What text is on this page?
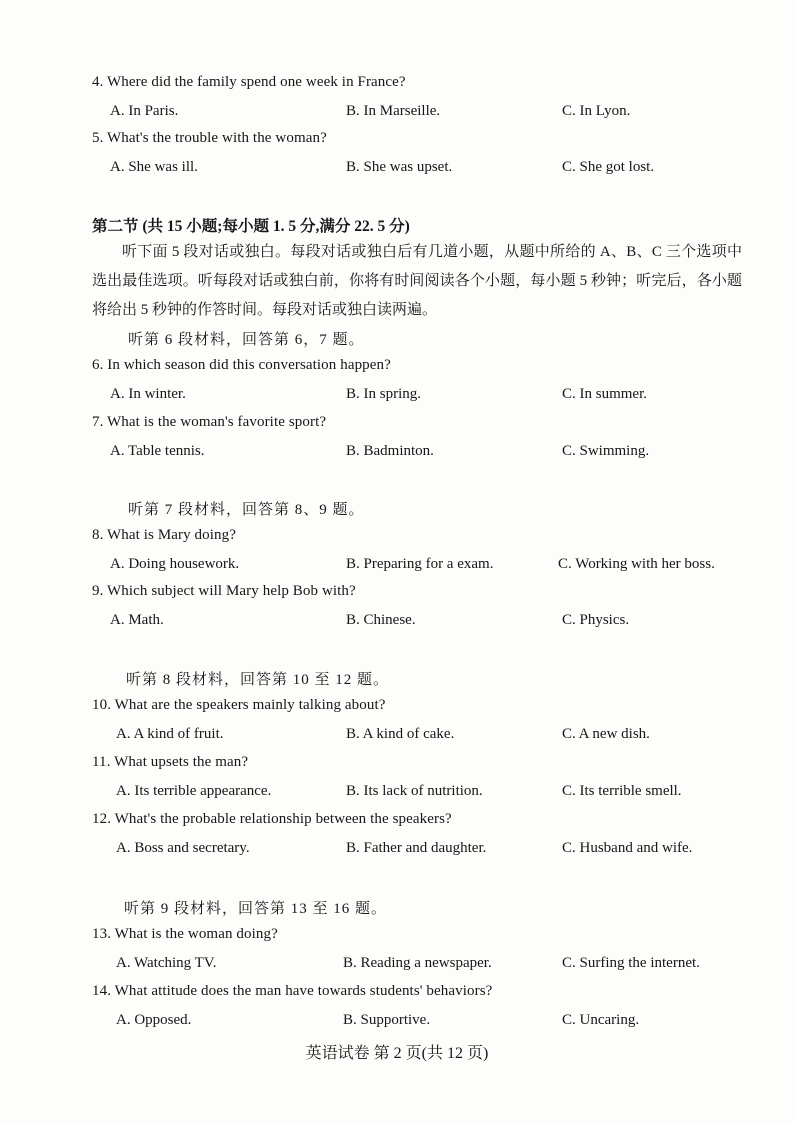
4. Where did the family spend one week in France?
A. In Paris.	B. In Marseille.	C. In Lyon.
5. What's the trouble with the woman?
A. She was ill.	B. She was upset.	C. She got lost.
第二节 (共 15 小题;每小题 1. 5 分,满分 22. 5 分)
听下面 5 段对话或独白。每段对话或独白后有几道小题，从题中所给的 A、B、C 三个选项中选出最佳选项。听每段对话或独白前，你将有时间阅读各个小题，每小题 5 秒钟；听完后，各小题将给出 5 秒钟的作答时间。每段对话或独白读两遍。
听第 6 段材料，回答第 6，7 题。
6. In which season did this conversation happen?
A. In winter.	B. In spring.	C. In summer.
7. What is the woman's favorite sport?
A. Table tennis.	B. Badminton.	C. Swimming.
听第 7 段材料，回答第 8、9 题。
8. What is Mary doing?
A. Doing housework.	B. Preparing for a exam.	C. Working with her boss.
9. Which subject will Mary help Bob with?
A. Math.	B. Chinese.	C. Physics.
听第 8 段材料，回答第 10 至 12 题。
10. What are the speakers mainly talking about?
A. A kind of fruit.	B. A kind of cake.	C. A new dish.
11. What upsets the man?
A. Its terrible appearance.	B. Its lack of nutrition.	C. Its terrible smell.
12. What's the probable relationship between the speakers?
A. Boss and secretary.	B. Father and daughter.	C. Husband and wife.
听第 9 段材料，回答第 13 至 16 题。
13. What is the woman doing?
A. Watching TV.	B. Reading a newspaper.	C. Surfing the internet.
14. What attitude does the man have towards students' behaviors?
A. Opposed.	B. Supportive.	C. Uncaring.
英语试卷 第 2 页(共 12 页)
